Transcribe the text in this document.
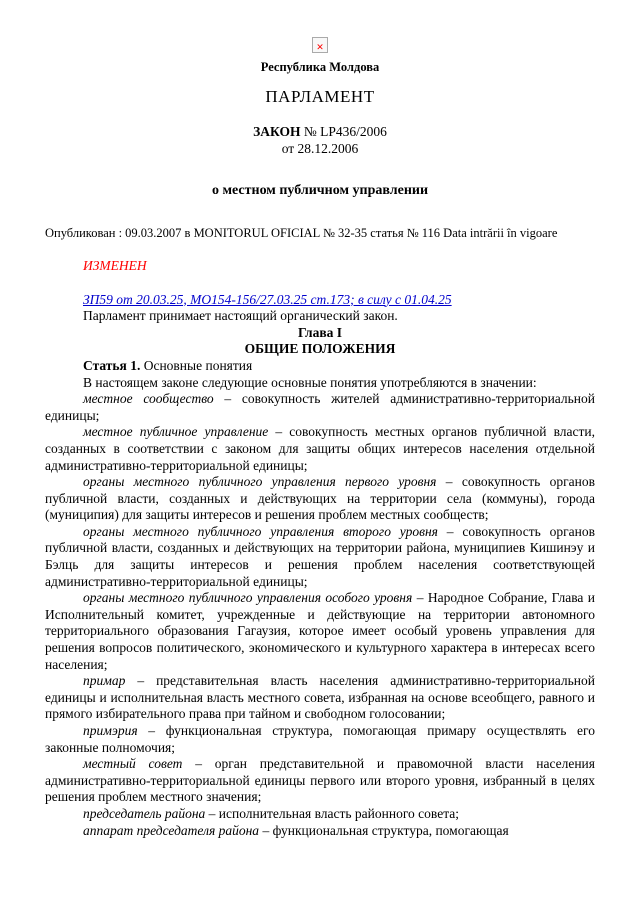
✕
Республика Молдова
ПАРЛАМЕНТ
ЗАКОН № LP436/2006
от 28.12.2006
о местном публичном управлении
Опубликован : 09.03.2007 в MONITORUL OFICIAL № 32-35 статья № 116 Data intrării în vigoare
ИЗМЕНЕН
ЗП59 от 20.03.25, МО154-156/27.03.25 ст.173; в силу с 01.04.25

Парламент принимает настоящий органический закон.

Глава I

ОБЩИЕ ПОЛОЖЕНИЯ

Статья 1. Основные понятия

В настоящем законе следующие основные понятия употребляются в значении:

местное сообщество – совокупность жителей административно-территориальной единицы;

местное публичное управление – совокупность местных органов публичной власти, созданных в соответствии с законом для защиты общих интересов населения отдельной административно-территориальной единицы;

органы местного публичного управления первого уровня – совокупность органов публичной власти, созданных и действующих на территории села (коммуны), города (муниципия) для защиты интересов и решения проблем местных сообществ;

органы местного публичного управления второго уровня – совокупность органов публичной власти, созданных и действующих на территории района, муниципиев Кишинэу и Бэлць для защиты интересов и решения проблем населения соответствующей административно-территориальной единицы;

органы местного публичного управления особого уровня – Народное Собрание, Глава и Исполнительный комитет, учрежденные и действующие на территории автономного территориального образования Гагаузия, которое имеет особый уровень управления для решения вопросов политического, экономического и культурного характера в интересах всего населения;

примар – представительная власть населения административно-территориальной единицы и исполнительная власть местного совета, избранная на основе всеобщего, равного и прямого избирательного права при тайном и свободном голосовании;

примэрия – функциональная структура, помогающая примару осуществлять его законные полномочия;

местный совет – орган представительной и правомочной власти населения административно-территориальной единицы первого или второго уровня, избранный в целях решения проблем местного значения;

председатель района – исполнительная власть районного совета;

аппарат председателя района – функциональная структура, помогающая
